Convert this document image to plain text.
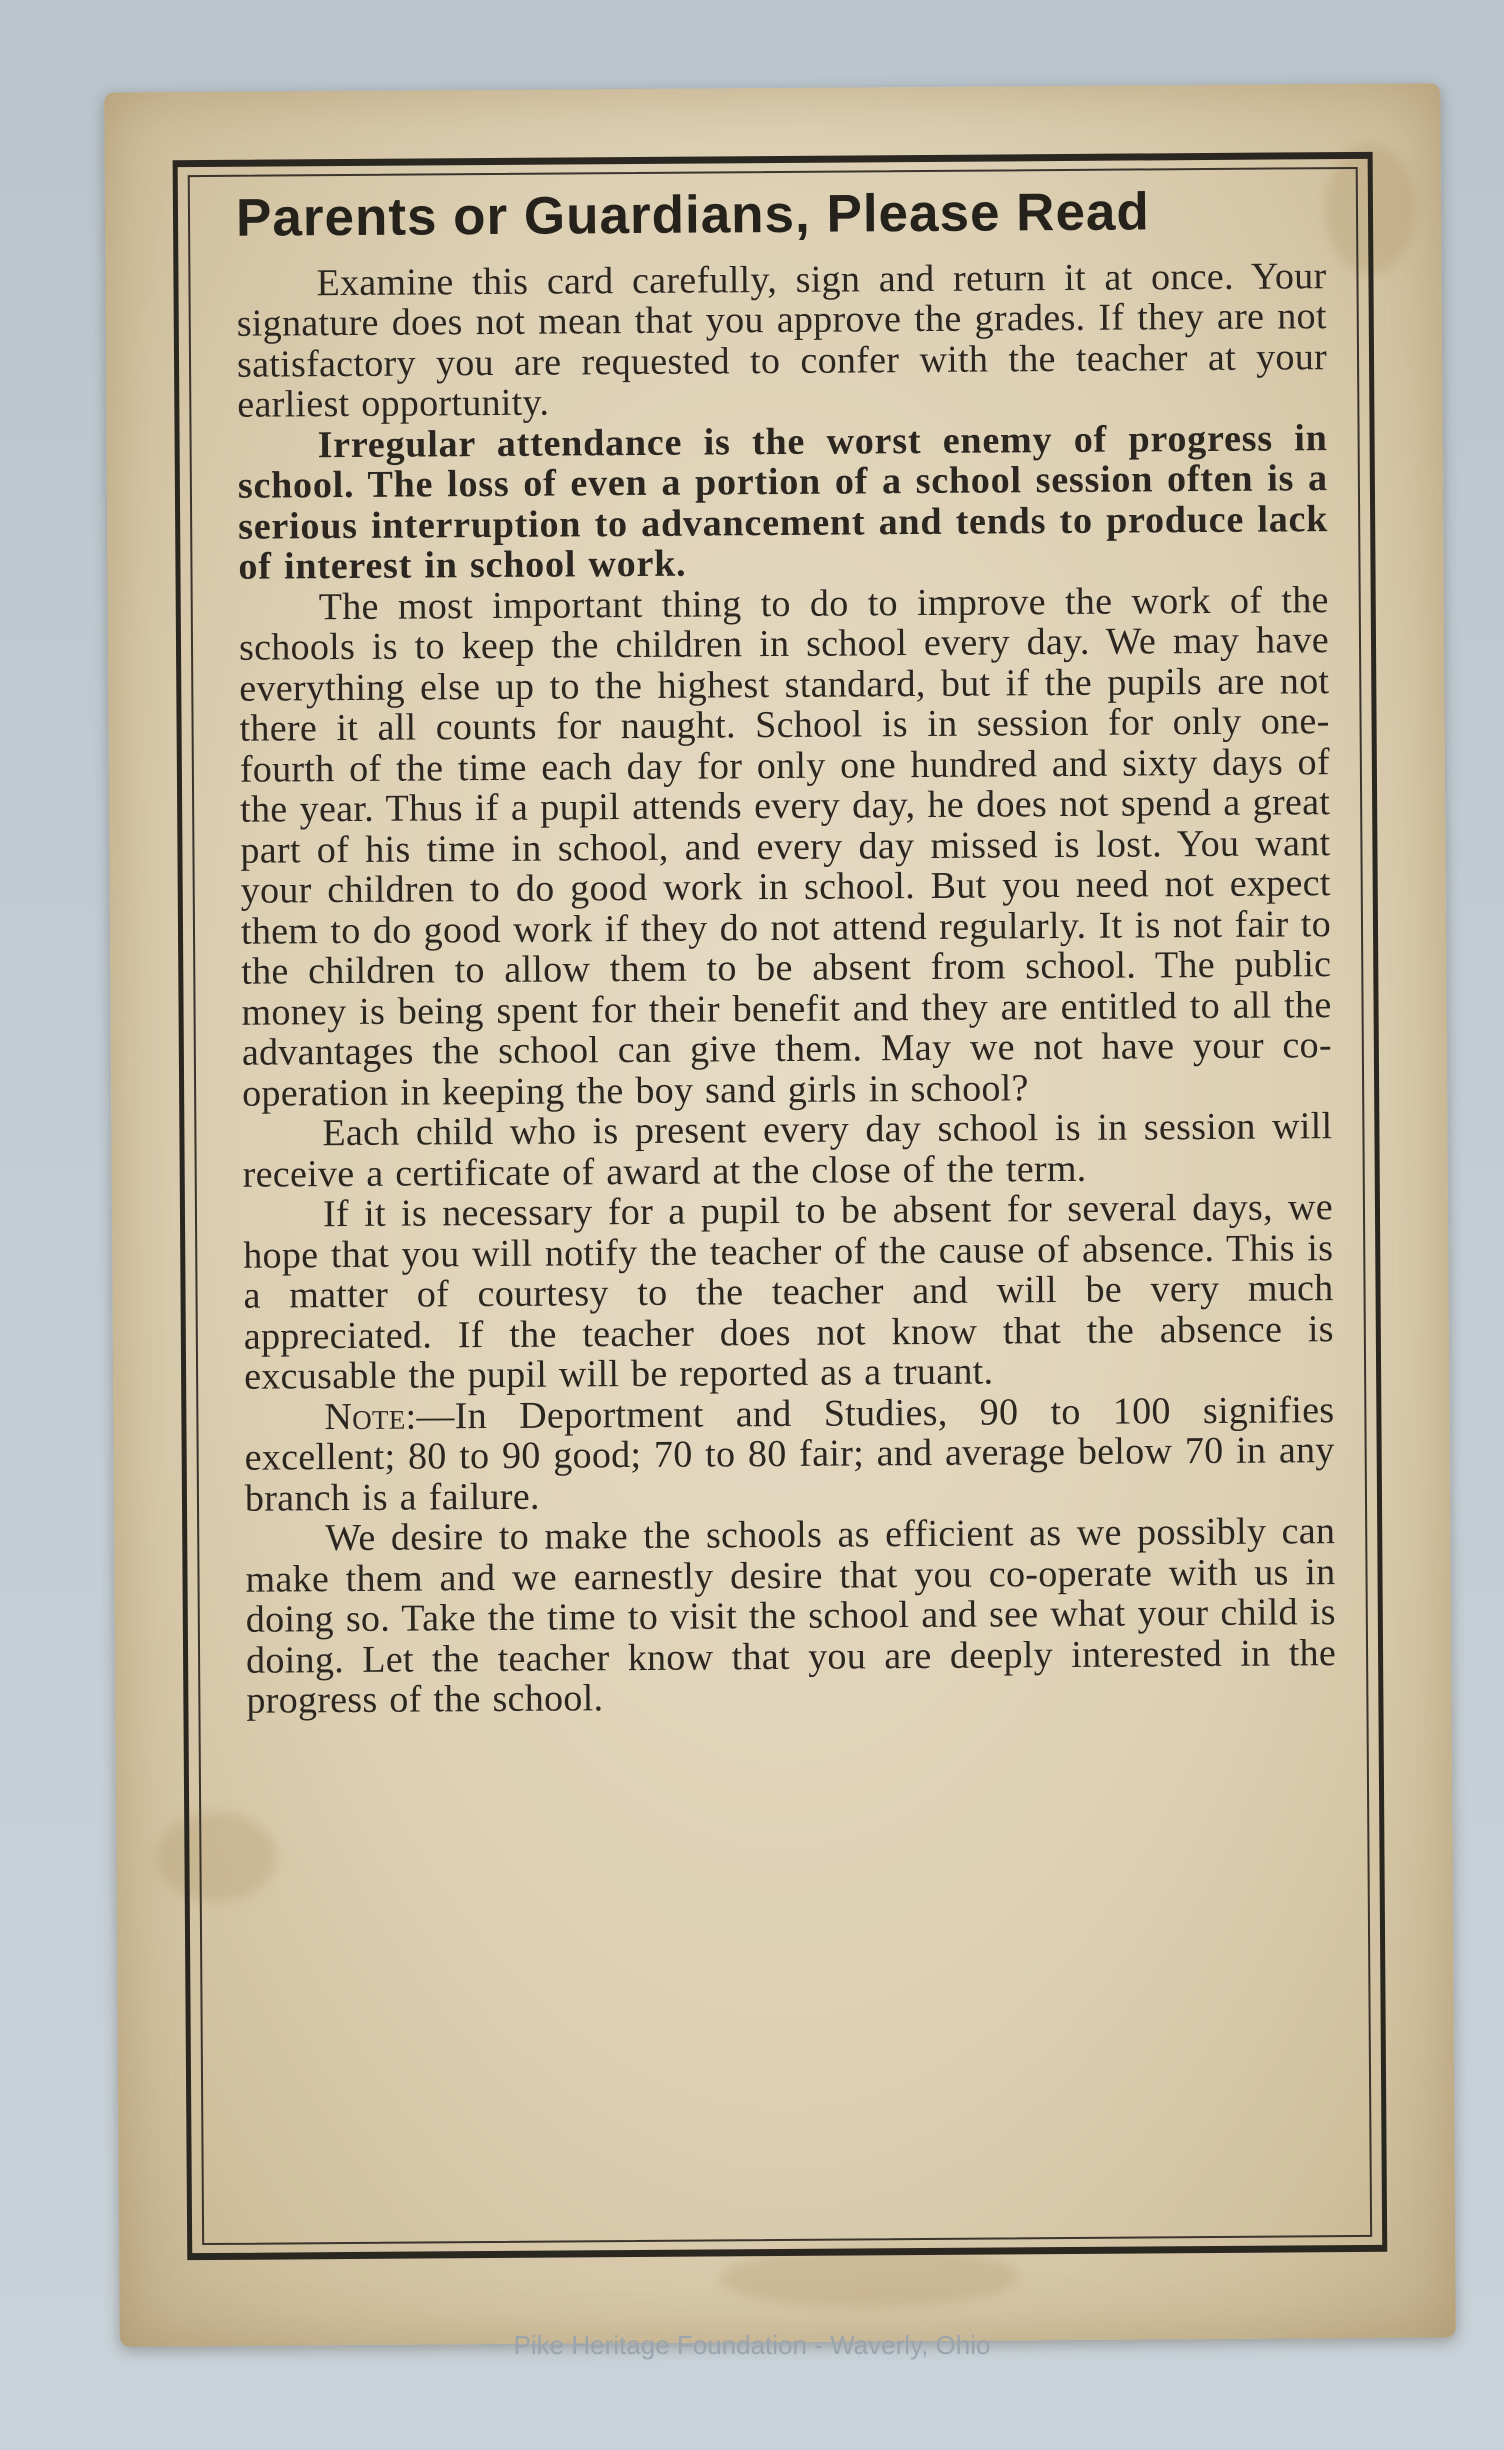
Parents or Guardians, Please Read

Examine this card carefully, sign and return it at once. Your signature does not mean that you approve the grades. If they are not satisfactory you are requested to confer with the teacher at your earliest opportunity.

Irregular attendance is the worst enemy of progress in school. The loss of even a portion of a school session often is a serious interruption to advancement and tends to produce lack of interest in school work.

The most important thing to do to improve the work of the schools is to keep the children in school every day. We may have everything else up to the highest standard, but if the pupils are not there it all counts for naught. School is in session for only one-fourth of the time each day for only one hundred and sixty days of the year. Thus if a pupil attends every day, he does not spend a great part of his time in school, and every day missed is lost. You want your children to do good work in school. But you need not expect them to do good work if they do not attend regularly. It is not fair to the children to allow them to be absent from school. The public money is being spent for their benefit and they are entitled to all the advantages the school can give them. May we not have your co-operation in keeping the boy sand girls in school?

Each child who is present every day school is in session will receive a certificate of award at the close of the term.

If it is necessary for a pupil to be absent for several days, we hope that you will notify the teacher of the cause of absence. This is a matter of courtesy to the teacher and will be very much appreciated. If the teacher does not know that the absence is excusable the pupil will be reported as a truant.

Note:—In Deportment and Studies, 90 to 100 signifies excellent; 80 to 90 good; 70 to 80 fair; and average below 70 in any branch is a failure.

We desire to make the schools as efficient as we possibly can make them and we earnestly desire that you co-operate with us in doing so. Take the time to visit the school and see what your child is doing. Let the teacher know that you are deeply interested in the progress of the school.

Pike Heritage Foundation - Waverly, Ohio
